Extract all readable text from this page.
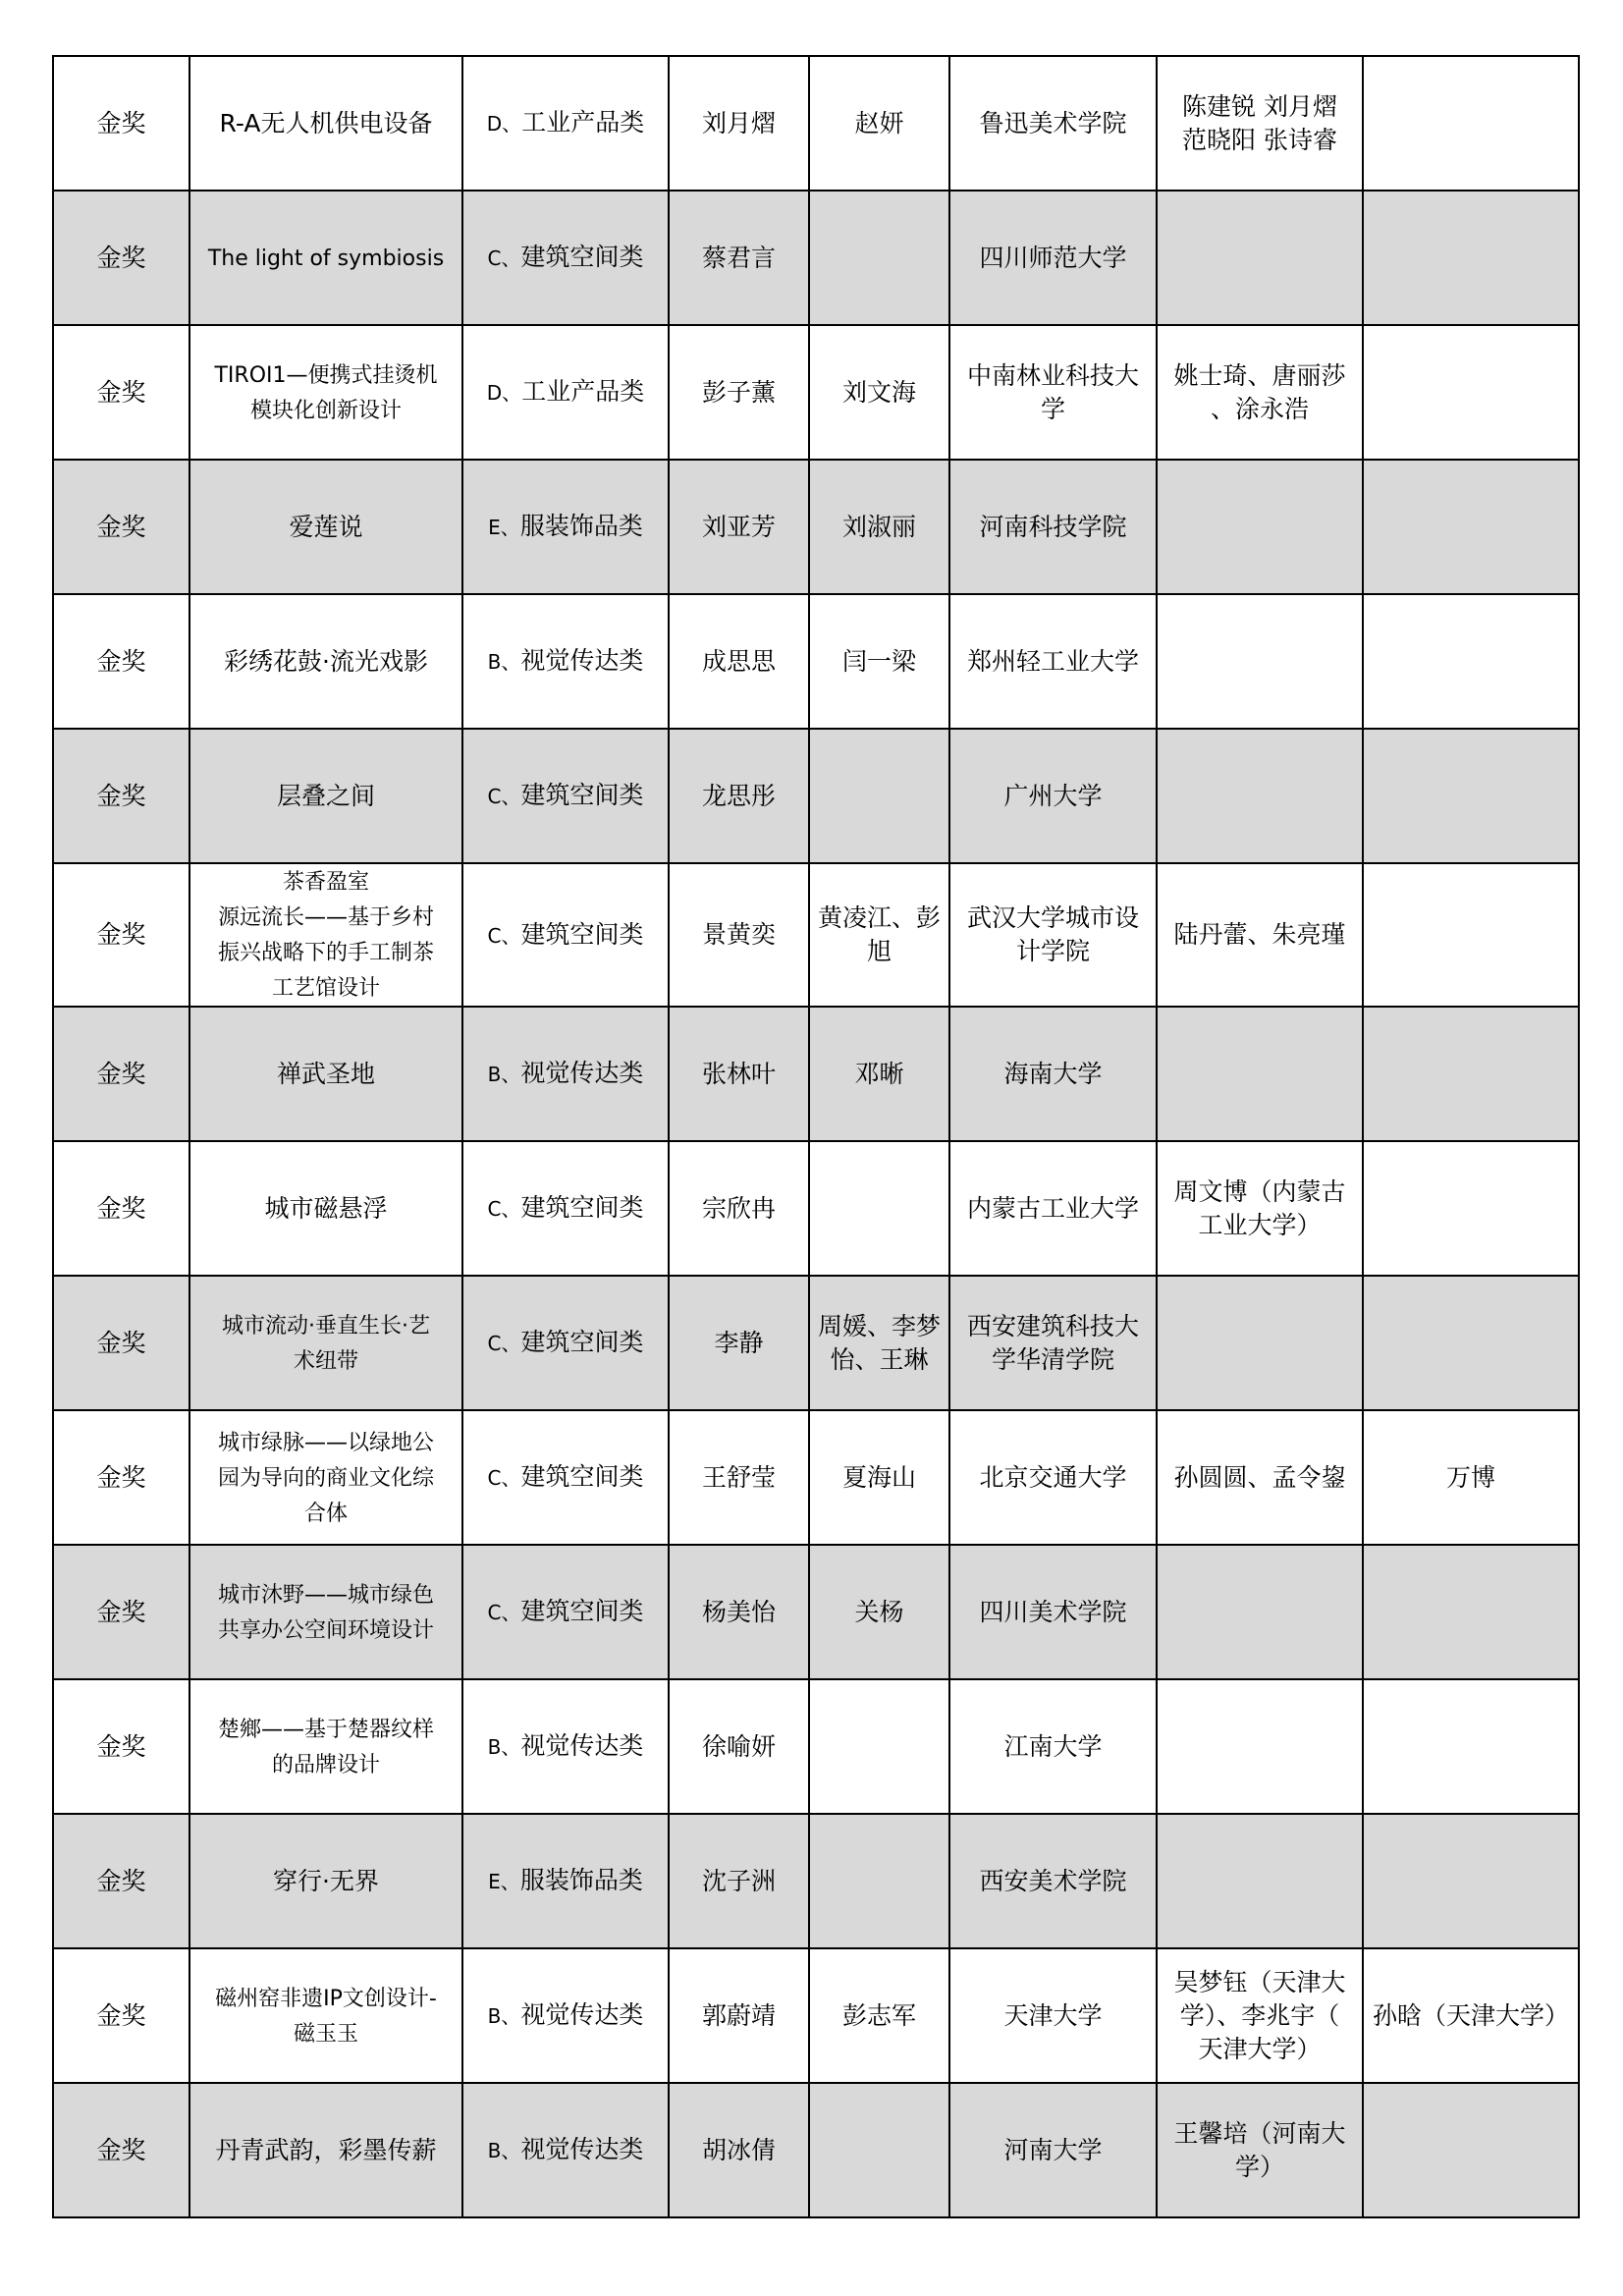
金奖	R-A无人机供电设备	D、工业产品类	刘月熠	赵妍	鲁迅美术学院	陈建锐 刘月熠
范晓阳 张诗睿	
金奖	The light of symbiosis	C、建筑空间类	蔡君言		四川师范大学		
金奖	TIROI1—便携式挂烫机
模块化创新设计	D、工业产品类	彭子薰	刘文海	中南林业科技大
学	姚士琦、唐丽莎
、涂永浩	
金奖	爱莲说	E、服装饰品类	刘亚芳	刘淑丽	河南科技学院		
金奖	彩绣花鼓·流光戏影	B、视觉传达类	成思思	闫一梁	郑州轻工业大学		
金奖	层叠之间	C、建筑空间类	龙思彤		广州大学		
金奖	茶香盈室
源远流长——基于乡村
振兴战略下的手工制茶
工艺馆设计	C、建筑空间类	景黄奕	黄凌江、彭
旭	武汉大学城市设
计学院	陆丹蕾、朱亮瑾	
金奖	禅武圣地	B、视觉传达类	张林叶	邓晰	海南大学		
金奖	城市磁悬浮	C、建筑空间类	宗欣冉		内蒙古工业大学	周文博（内蒙古
工业大学）	
金奖	城市流动·垂直生长·艺
术纽带	C、建筑空间类	李静	周媛、李梦
怡、王琳	西安建筑科技大
学华清学院		
金奖	城市绿脉——以绿地公
园为导向的商业文化综
合体	C、建筑空间类	王舒莹	夏海山	北京交通大学	孙圆圆、孟令鋆	万博
金奖	城市沐野——城市绿色
共享办公空间环境设计	C、建筑空间类	杨美怡	关杨	四川美术学院		
金奖	楚鄉——基于楚器纹样
的品牌设计	B、视觉传达类	徐喻妍		江南大学		
金奖	穿行·无界	E、服装饰品类	沈子洲		西安美术学院		
金奖	磁州窑非遗IP文创设计-
磁玉玉	B、视觉传达类	郭蔚靖	彭志军	天津大学	吴梦钰（天津大
学）、李兆宇（
天津大学）	孙晗（天津大学）
金奖	丹青武韵，彩墨传薪	B、视觉传达类	胡冰倩		河南大学	王馨培（河南大
学）	
